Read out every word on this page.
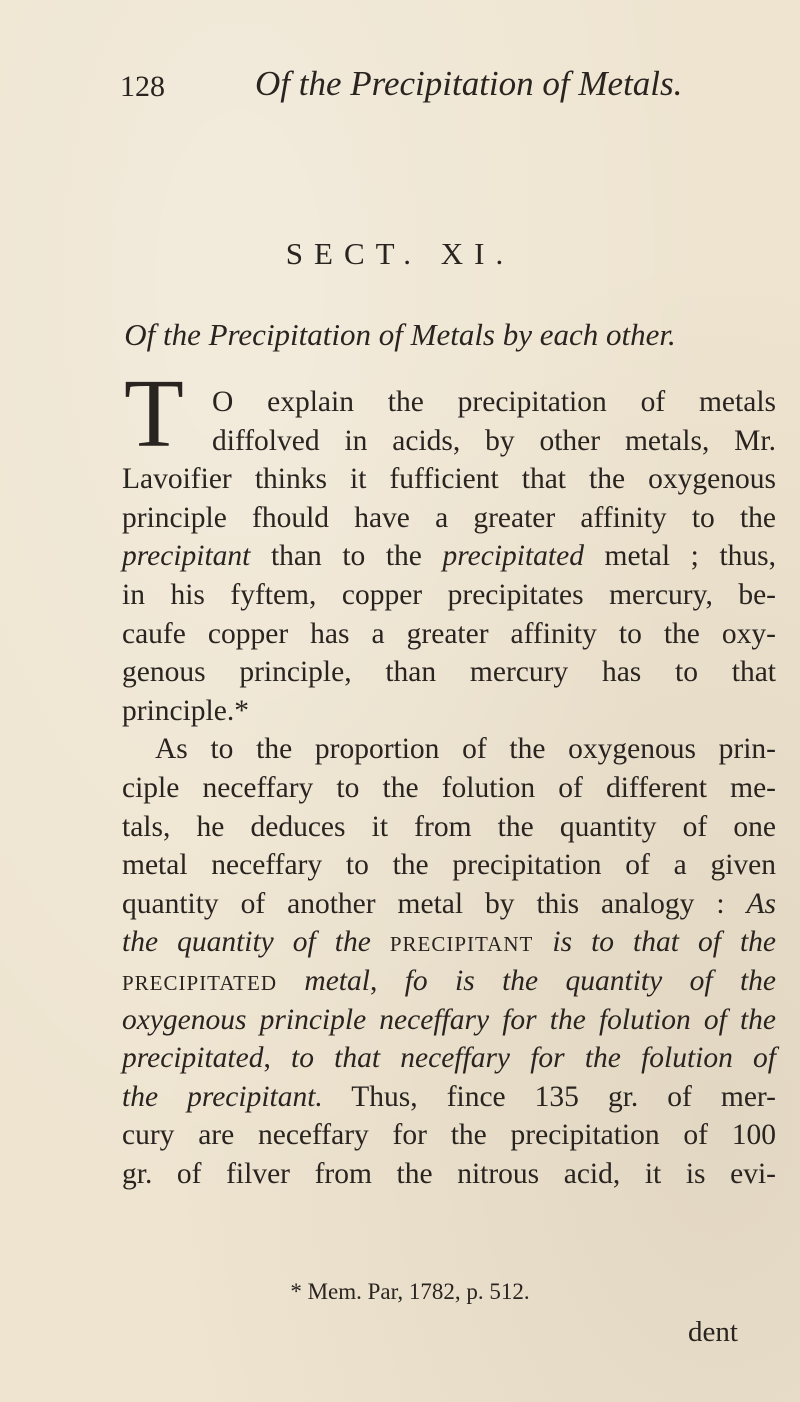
128	Of the Precipitation of Metals.
SECT. XI.
Of the Precipitation of Metals by each other.
T O explain the precipitation of metals
diffolved in acids, by other metals, Mr.
Lavoifier thinks it fufficient that the oxygenous
principle fhould have a greater affinity to the
precipitant than to the precipitated metal ; thus,
in his fyftem, copper precipitates mercury, be-
caufe copper has a greater affinity to the oxy-
genous principle, than mercury has to that
principle.*
As to the proportion of the oxygenous prin-
ciple neceffary to the folution of different me-
tals, he deduces it from the quantity of one
metal neceffary to the precipitation of a given
quantity of another metal by this analogy : As
the quantity of the precipitant is to that of the
precipitated metal, fo is the quantity of the
oxygenous principle neceffary for the folution of the
precipitated, to that neceffary for the folution of
the precipitant. Thus, fince 135 gr. of mer-
cury are neceffary for the precipitation of 100
gr. of filver from the nitrous acid, it is evi-
* Mem. Par, 1782, p. 512.
dent
